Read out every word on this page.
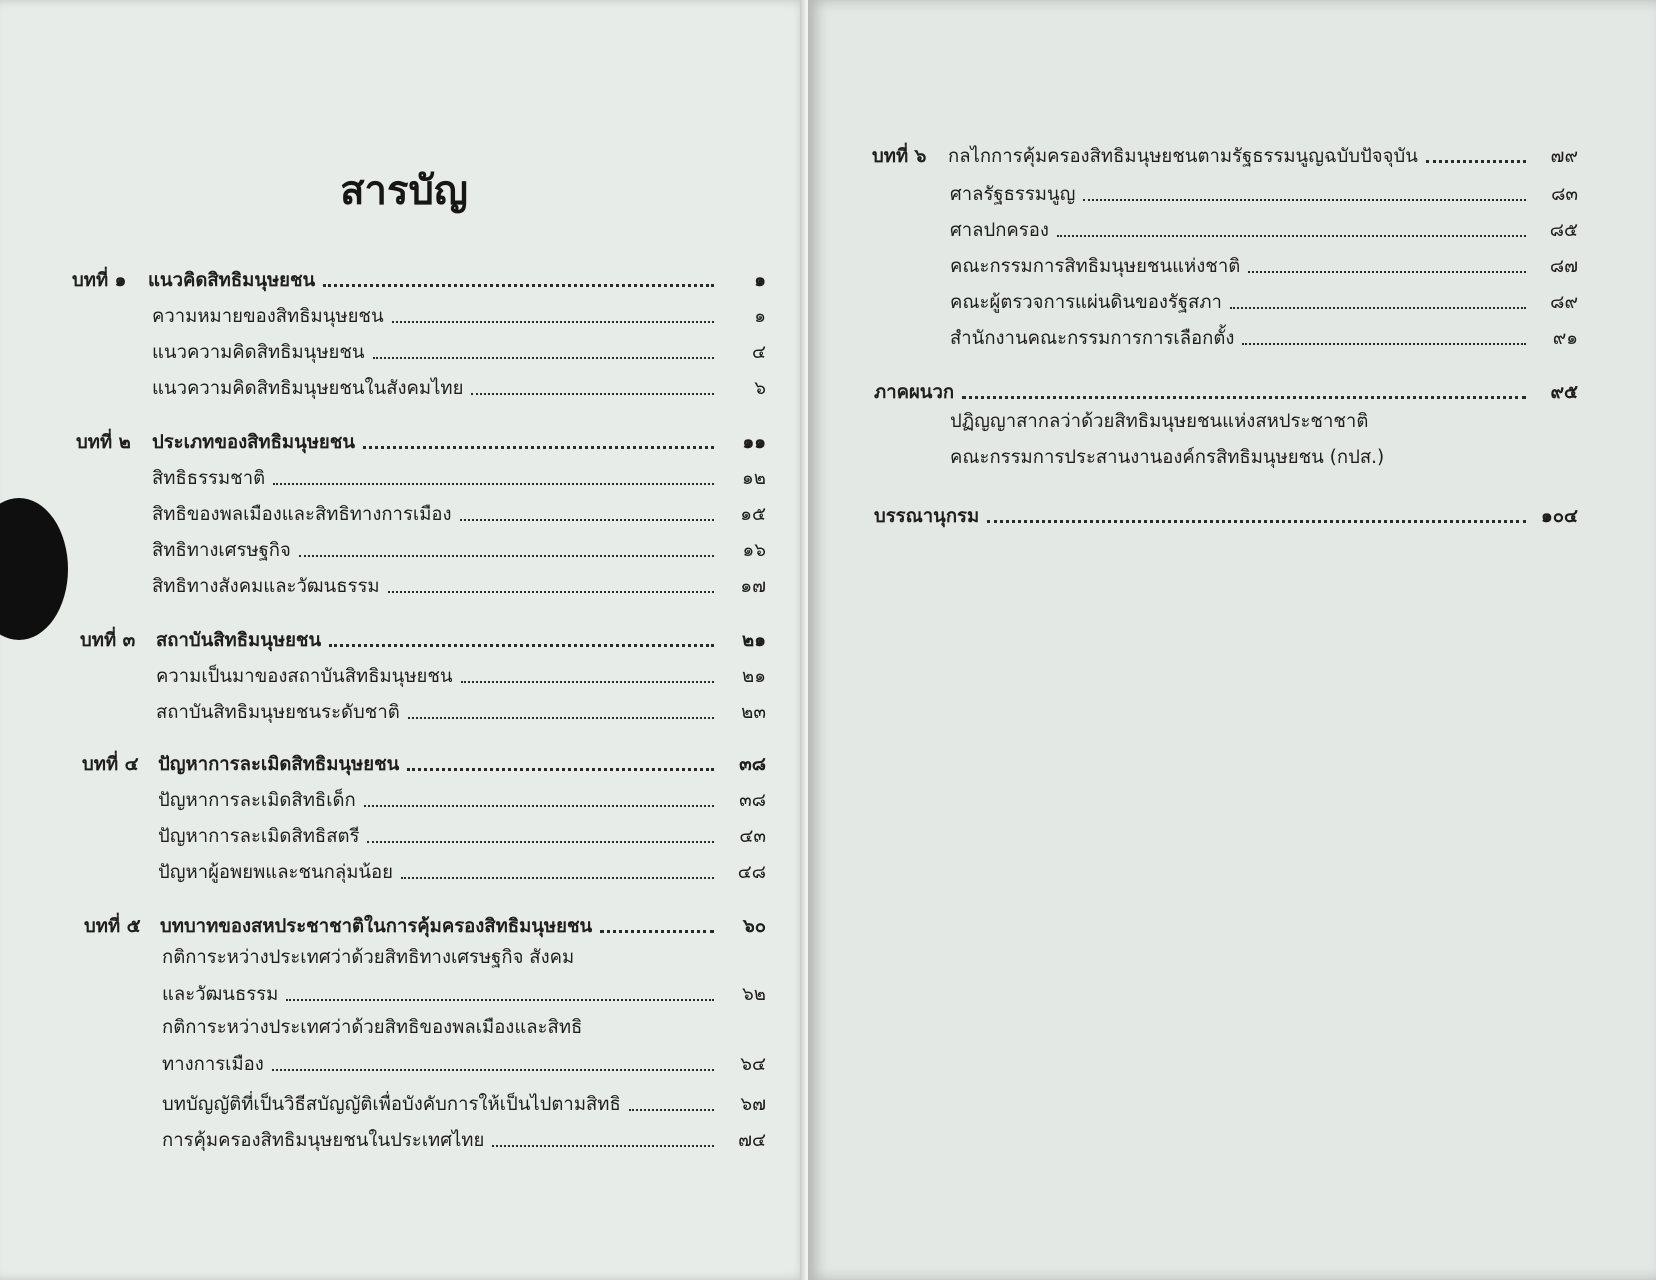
สารบัญ
บทที่ ๑	แนวคิดสิทธิมนุษยชน	๑
ความหมายของสิทธิมนุษยชน	๑
แนวความคิดสิทธิมนุษยชน	๔
แนวความคิดสิทธิมนุษยชนในสังคมไทย	๖
บทที่ ๒	ประเภทของสิทธิมนุษยชน	๑๑
สิทธิธรรมชาติ	๑๒
สิทธิของพลเมืองและสิทธิทางการเมือง	๑๕
สิทธิทางเศรษฐกิจ	๑๖
สิทธิทางสังคมและวัฒนธรรม	๑๗
บทที่ ๓	สถาบันสิทธิมนุษยชน	๒๑
ความเป็นมาของสถาบันสิทธิมนุษยชน	๒๑
สถาบันสิทธิมนุษยชนระดับชาติ	๒๓
บทที่ ๔	ปัญหาการละเมิดสิทธิมนุษยชน	๓๘
ปัญหาการละเมิดสิทธิเด็ก	๓๘
ปัญหาการละเมิดสิทธิสตรี	๔๓
ปัญหาผู้อพยพและชนกลุ่มน้อย	๔๘
บทที่ ๕	บทบาทของสหประชาชาติในการคุ้มครองสิทธิมนุษยชน	๖๐
กติการะหว่างประเทศว่าด้วยสิทธิทางเศรษฐกิจ สังคม
และวัฒนธรรม	๖๒
กติการะหว่างประเทศว่าด้วยสิทธิของพลเมืองและสิทธิ
ทางการเมือง	๖๔
บทบัญญัติที่เป็นวิธีสบัญญัติเพื่อบังคับการให้เป็นไปตามสิทธิ	๖๗
การคุ้มครองสิทธิมนุษยชนในประเทศไทย	๗๔
บทที่ ๖	กลไกการคุ้มครองสิทธิมนุษยชนตามรัฐธรรมนูญฉบับปัจจุบัน	๗๙
ศาลรัฐธรรมนูญ	๘๓
ศาลปกครอง	๘๕
คณะกรรมการสิทธิมนุษยชนแห่งชาติ	๘๗
คณะผู้ตรวจการแผ่นดินของรัฐสภา	๘๙
สำนักงานคณะกรรมการการเลือกตั้ง	๙๑
ภาคผนวก	๙๕
ปฏิญญาสากลว่าด้วยสิทธิมนุษยชนแห่งสหประชาชาติ
คณะกรรมการประสานงานองค์กรสิทธิมนุษยชน (กปส.)
บรรณานุกรม	๑๐๔
